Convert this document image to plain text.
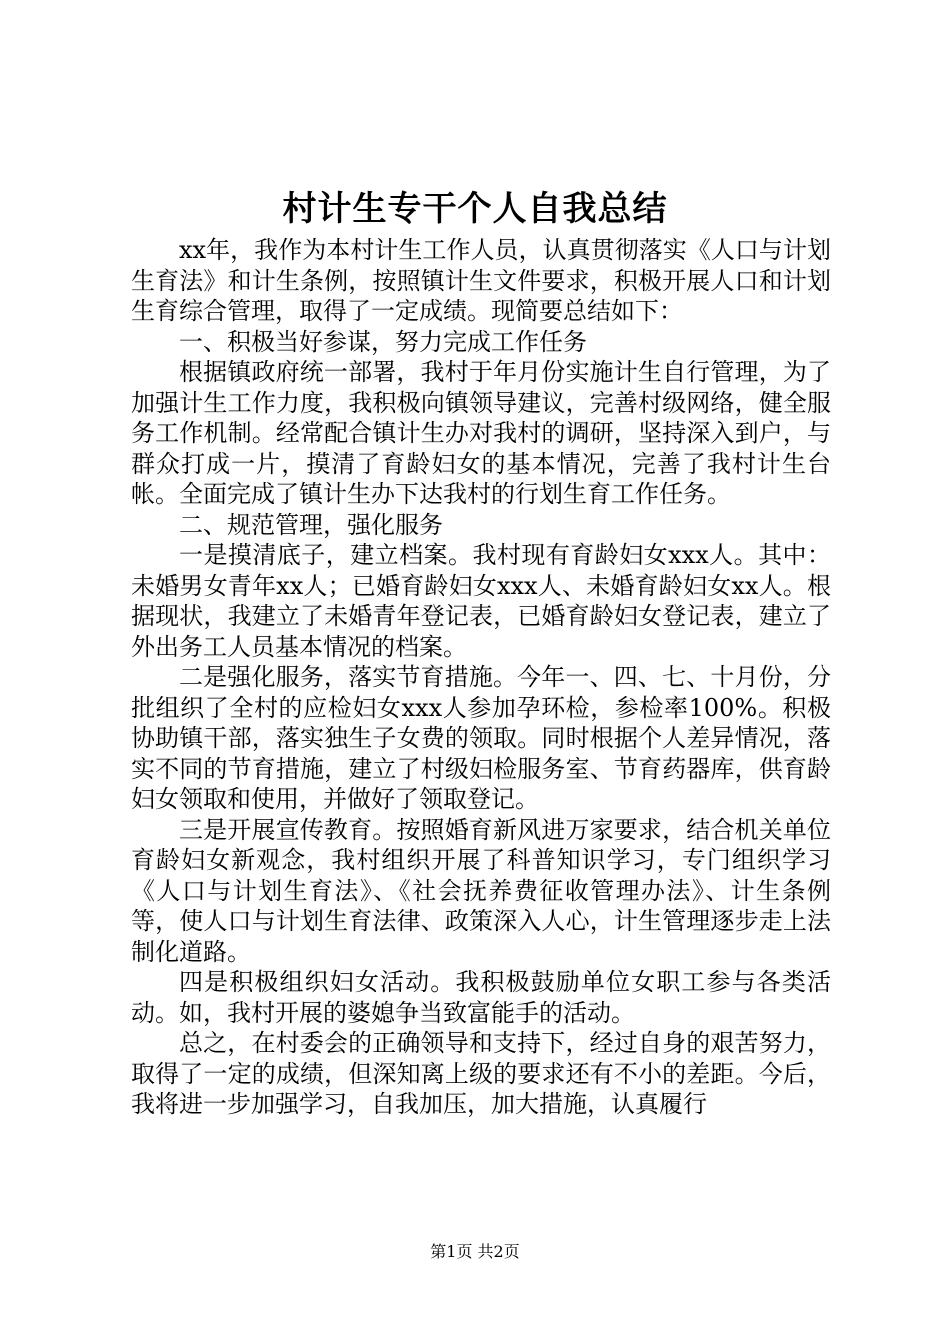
村计生专干个人自我总结

xx年，我作为本村计生工作人员，认真贯彻落实《人口与计划生育法》和计生条例，按照镇计生文件要求，积极开展人口和计划生育综合管理，取得了一定成绩。现简要总结如下：

一、积极当好参谋，努力完成工作任务

根据镇政府统一部署，我村于年月份实施计生自行管理，为了加强计生工作力度，我积极向镇领导建议，完善村级网络，健全服务工作机制。经常配合镇计生办对我村的调研，坚持深入到户，与群众打成一片，摸清了育龄妇女的基本情况，完善了我村计生台帐。全面完成了镇计生办下达我村的行划生育工作任务。

二、规范管理，强化服务

一是摸清底子，建立档案。我村现有育龄妇女xxx人。其中：未婚男女青年xx人；已婚育龄妇女xxx人、未婚育龄妇女xx人。根据现状，我建立了未婚青年登记表，已婚育龄妇女登记表，建立了外出务工人员基本情况的档案。

二是强化服务，落实节育措施。今年一、四、七、十月份，分批组织了全村的应检妇女xxx人参加孕环检，参检率100%。积极协助镇干部，落实独生子女费的领取。同时根据个人差异情况，落实不同的节育措施，建立了村级妇检服务室、节育药器库，供育龄妇女领取和使用，并做好了领取登记。

三是开展宣传教育。按照婚育新风进万家要求，结合机关单位育龄妇女新观念，我村组织开展了科普知识学习，专门组织学习《人口与计划生育法》、《社会抚养费征收管理办法》、计生条例等，使人口与计划生育法律、政策深入人心，计生管理逐步走上法制化道路。

四是积极组织妇女活动。我积极鼓励单位女职工参与各类活动。如，我村开展的婆媳争当致富能手的活动。

总之，在村委会的正确领导和支持下，经过自身的艰苦努力，取得了一定的成绩，但深知离上级的要求还有不小的差距。今后，我将进一步加强学习，自我加压，加大措施，认真履行

第1页 共2页
